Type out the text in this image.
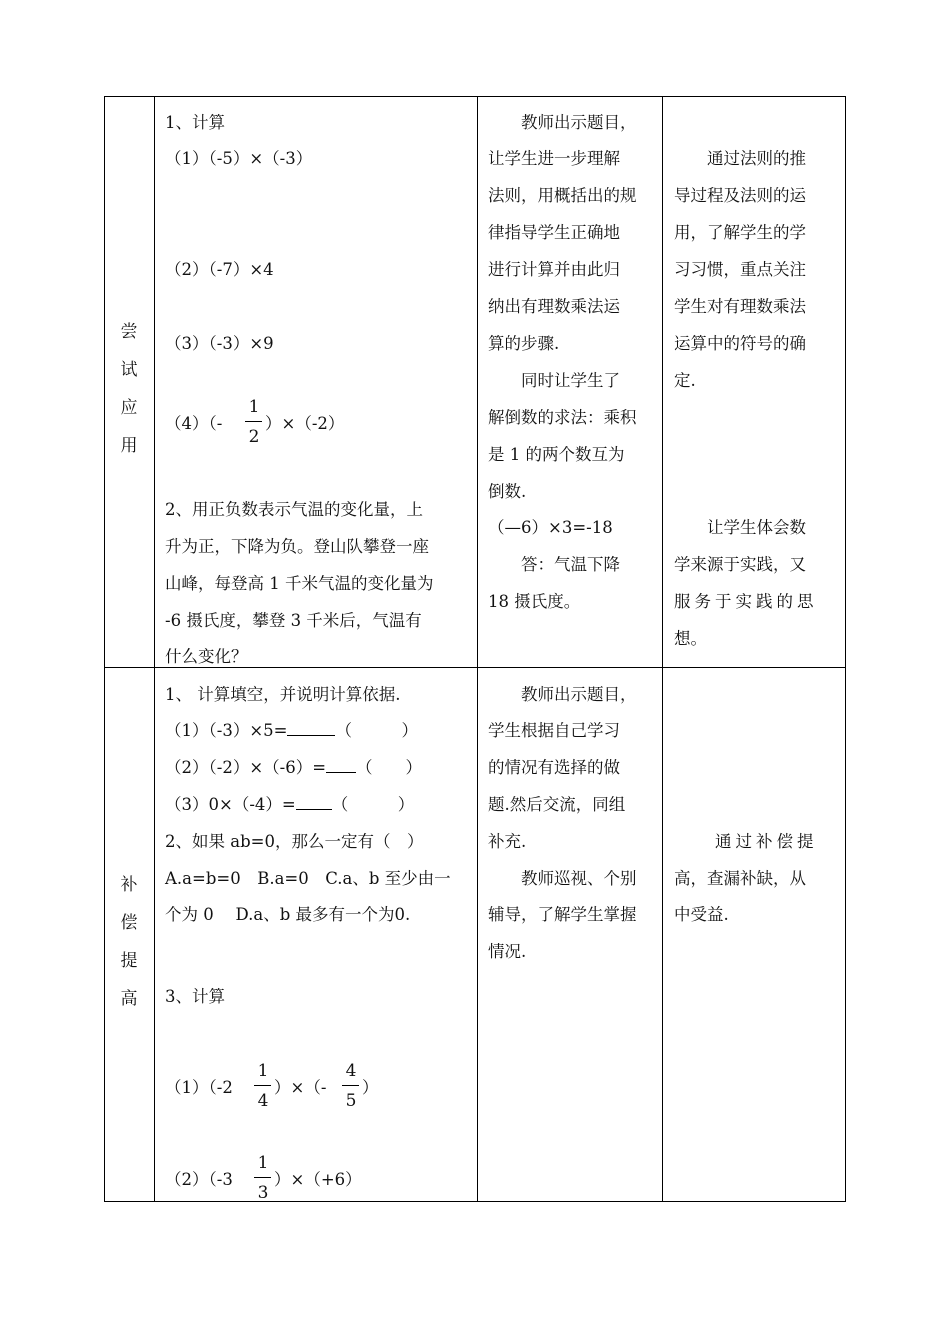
尝
试
应
用
1、计算
（1）（-5）×（-3）
（2）（-7）×4
（3）（-3）×9
（4）（-
1
2
）×（-2）
2、用正负数表示气温的变化量，上
升为正，下降为负。登山队攀登一座
山峰，每登高 1 千米气温的变化量为
-6 摄氏度，攀登 3 千米后，气温有
什么变化？
　　教师出示题目，
让学生进一步理解
法则，用概括出的规
律指导学生正确地
进行计算并由此归
纳出有理数乘法运
算的步骤.
　　同时让学生了
解倒数的求法：乘积
是 1 的两个数互为
倒数.
（—6）×3=-18
　　答：气温下降
18 摄氏度。
　　通过法则的推
导过程及法则的运
用，了解学生的学
习习惯，重点关注
学生对有理数乘法
运算中的符号的确
定.
　　让学生体会数
学来源于实践，又
服务于实践的思
想。
补
偿
提
高
1、 计算填空，并说明计算依据.
（1）（-3）×5=	（　　　）
（2）（-2）×（-6）= （　　）
（3）0×（-4）= （　　　）
2、如果 ab=0，那么一定有（　）
A.a=b=0　B.a=0　C.a、b 至少由一
个为 0　 D.a、b 最多有一个为0.
3、计算
（1）（-2
1
4
）×（-
4
5
）
（2）（-3
1
3
）×（+6）
　　教师出示题目，
学生根据自己学习
的情况有选择的做
题.然后交流，同组
补充.
　　教师巡视、个别
辅导，了解学生掌握
情况.
　　通过补偿提
高，查漏补缺，从
中受益.
